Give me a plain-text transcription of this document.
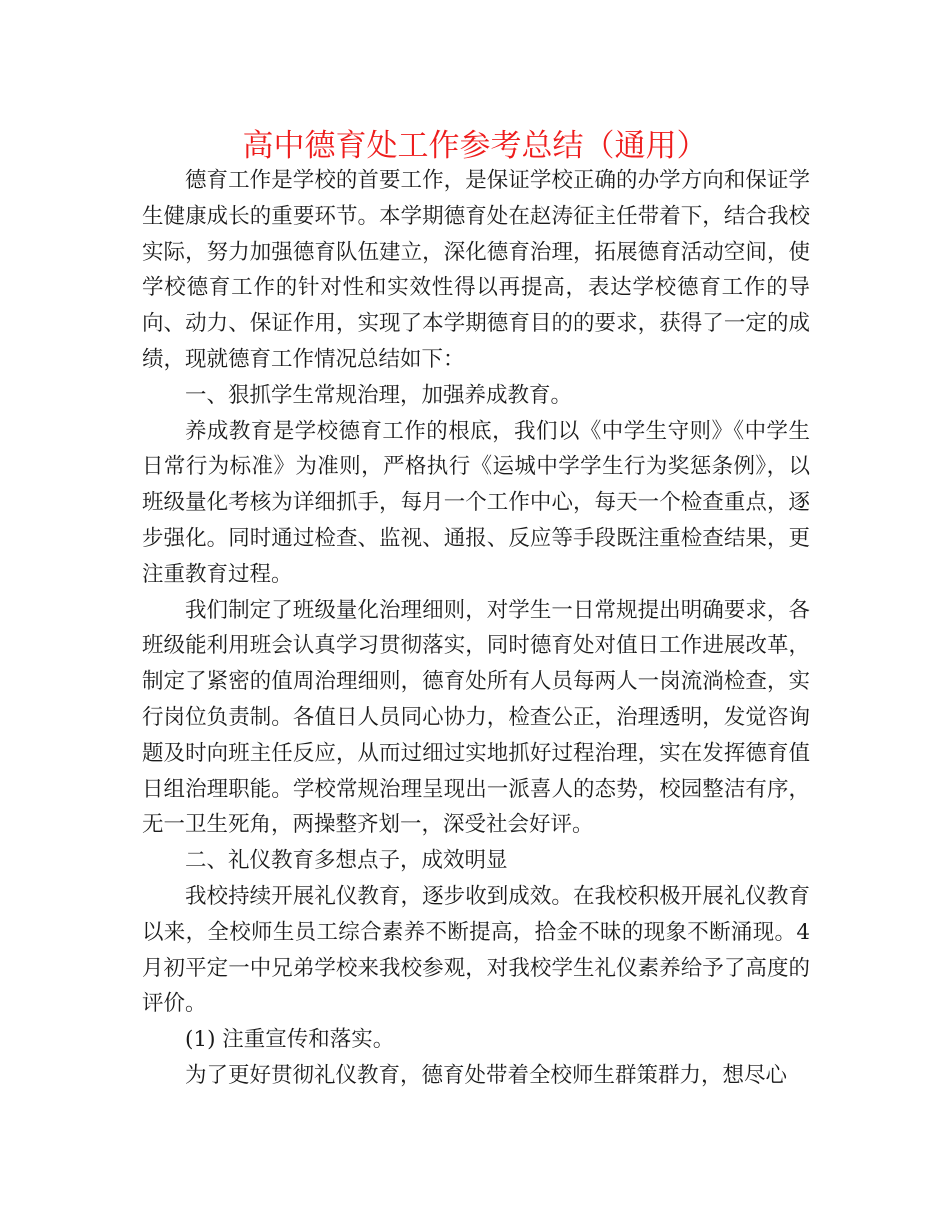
高中德育处工作参考总结（通用）

德育工作是学校的首要工作，是保证学校正确的办学方向和保证学生健康成长的重要环节。本学期德育处在赵涛征主任带着下，结合我校实际，努力加强德育队伍建立，深化德育治理，拓展德育活动空间，使学校德育工作的针对性和实效性得以再提高，表达学校德育工作的导向、动力、保证作用，实现了本学期德育目的的要求，获得了一定的成绩，现就德育工作情况总结如下：

一、狠抓学生常规治理，加强养成教育。

养成教育是学校德育工作的根底，我们以《中学生守则》《中学生日常行为标准》为准则，严格执行《运城中学学生行为奖惩条例》，以班级量化考核为详细抓手，每月一个工作中心，每天一个检查重点，逐步强化。同时通过检查、监视、通报、反应等手段既注重检查结果，更注重教育过程。

我们制定了班级量化治理细则，对学生一日常规提出明确要求，各班级能利用班会认真学习贯彻落实，同时德育处对值日工作进展改革，制定了紧密的值周治理细则，德育处所有人员每两人一岗流淌检查，实行岗位负责制。各值日人员同心协力，检查公正，治理透明，发觉咨询题及时向班主任反应，从而过细过实地抓好过程治理，实在发挥德育值日组治理职能。学校常规治理呈现出一派喜人的态势，校园整洁有序，无一卫生死角，两操整齐划一，深受社会好评。

二、礼仪教育多想点子，成效明显

我校持续开展礼仪教育，逐步收到成效。在我校积极开展礼仪教育以来，全校师生员工综合素养不断提高，拾金不昧的现象不断涌现。4月初平定一中兄弟学校来我校参观，对我校学生礼仪素养给予了高度的评价。

(1) 注重宣传和落实。

为了更好贯彻礼仪教育，德育处带着全校师生群策群力，想尽心
